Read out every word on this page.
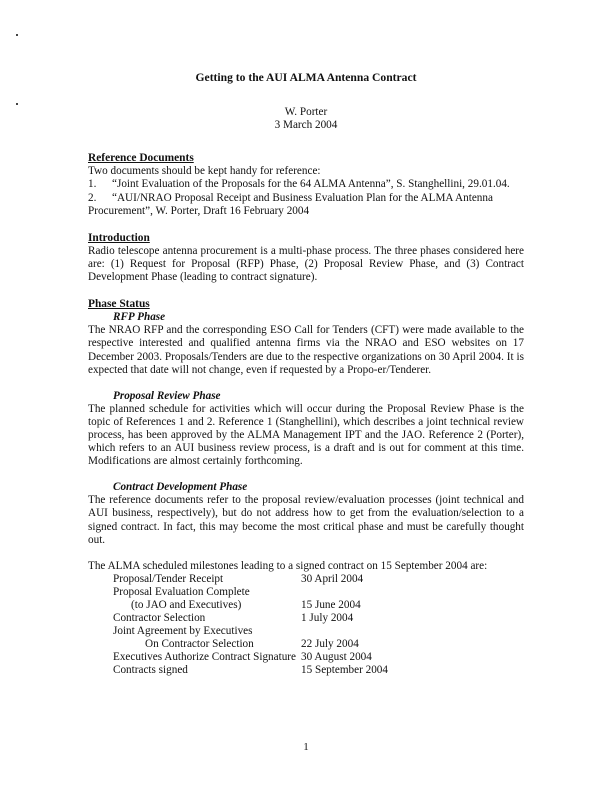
Getting to the AUI ALMA Antenna Contract
W. Porter
3 March 2004
Reference Documents

Two documents should be kept handy for reference:

1.	“Joint Evaluation of the Proposals for the 64 ALMA Antenna”, S. Stanghellini, 29.01.04.
2. “AUI/NRAO Proposal Receipt and Business Evaluation Plan for the ALMA Antenna Procurement”, W. Porter, Draft 16 February 2004
Introduction

Radio telescope antenna procurement is a multi-phase process. The three phases considered here are: (1) Request for Proposal (RFP) Phase, (2) Proposal Review Phase, and (3) Contract Development Phase (leading to contract signature).

Phase Status
RFP Phase

The NRAO RFP and the corresponding ESO Call for Tenders (CFT) were made available to the respective interested and qualified antenna firms via the NRAO and ESO websites on 17 December 2003. Proposals/Tenders are due to the respective organizations on 30 April 2004. It is expected that date will not change, even if requested by a Propo-er/Tenderer.

Proposal Review Phase

The planned schedule for activities which will occur during the Proposal Review Phase is the topic of References 1 and 2. Reference 1 (Stanghellini), which describes a joint technical review process, has been approved by the ALMA Management IPT and the JAO. Reference 2 (Porter), which refers to an AUI business review process, is a draft and is out for comment at this time. Modifications are almost certainly forthcoming.

Contract Development Phase

The reference documents refer to the proposal review/evaluation processes (joint technical and AUI business, respectively), but do not address how to get from the evaluation/selection to a signed contract. In fact, this may become the most critical phase and must be carefully thought out.

The ALMA scheduled milestones leading to a signed contract on 15 September 2004 are:

Proposal/Tender Receipt	30 April 2004
Proposal Evaluation Complete
(to JAO and Executives)	15 June 2004
Contractor Selection	1 July 2004
Joint Agreement by Executives
On Contractor Selection	22 July 2004
Executives Authorize Contract Signature 30 August 2004
Contracts signed	15 September 2004
1
